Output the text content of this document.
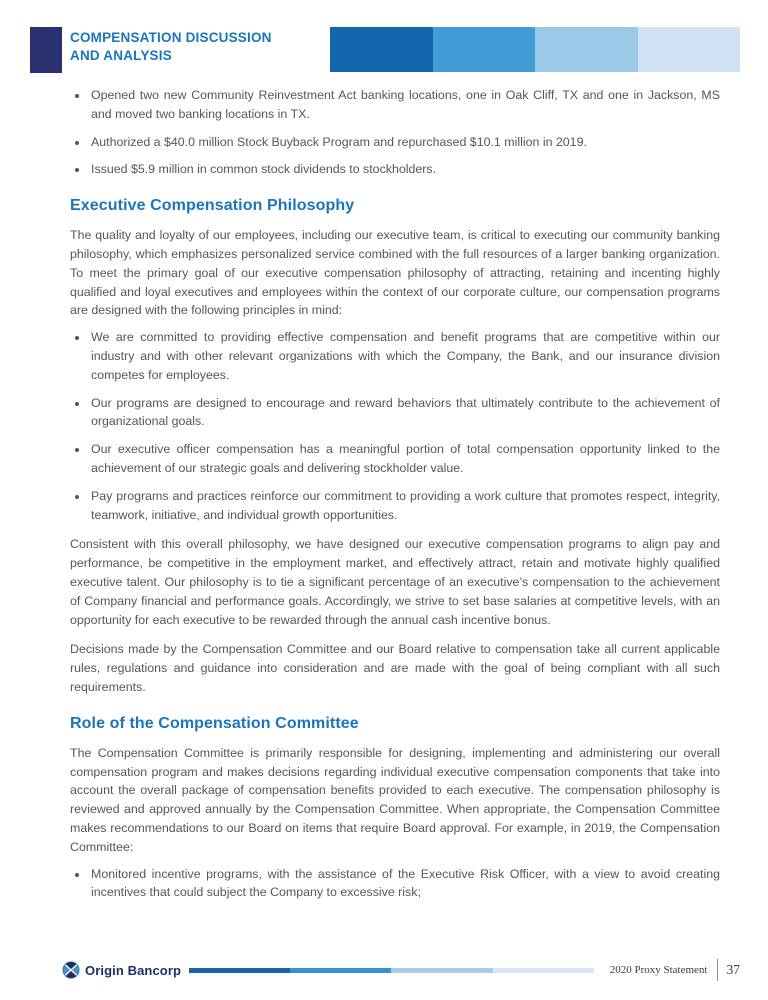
COMPENSATION DISCUSSION
AND ANALYSIS
Opened two new Community Reinvestment Act banking locations, one in Oak Cliff, TX and one in Jackson, MS and moved two banking locations in TX.
Authorized a $40.0 million Stock Buyback Program and repurchased $10.1 million in 2019.
Issued $5.9 million in common stock dividends to stockholders.
Executive Compensation Philosophy

The quality and loyalty of our employees, including our executive team, is critical to executing our community banking philosophy, which emphasizes personalized service combined with the full resources of a larger banking organization. To meet the primary goal of our executive compensation philosophy of attracting, retaining and incenting highly qualified and loyal executives and employees within the context of our corporate culture, our compensation programs are designed with the following principles in mind:

We are committed to providing effective compensation and benefit programs that are competitive within our industry and with other relevant organizations with which the Company, the Bank, and our insurance division competes for employees.
Our programs are designed to encourage and reward behaviors that ultimately contribute to the achievement of organizational goals.
Our executive officer compensation has a meaningful portion of total compensation opportunity linked to the achievement of our strategic goals and delivering stockholder value.
Pay programs and practices reinforce our commitment to providing a work culture that promotes respect, integrity, teamwork, initiative, and individual growth opportunities.

Consistent with this overall philosophy, we have designed our executive compensation programs to align pay and performance, be competitive in the employment market, and effectively attract, retain and motivate highly qualified executive talent. Our philosophy is to tie a significant percentage of an executive’s compensation to the achievement of Company financial and performance goals. Accordingly, we strive to set base salaries at competitive levels, with an opportunity for each executive to be rewarded through the annual cash incentive bonus.

Decisions made by the Compensation Committee and our Board relative to compensation take all current applicable rules, regulations and guidance into consideration and are made with the goal of being compliant with all such requirements.

Role of the Compensation Committee

The Compensation Committee is primarily responsible for designing, implementing and administering our overall compensation program and makes decisions regarding individual executive compensation components that take into account the overall package of compensation benefits provided to each executive. The compensation philosophy is reviewed and approved annually by the Compensation Committee. When appropriate, the Compensation Committee makes recommendations to our Board on items that require Board approval. For example, in 2019, the Compensation Committee:

Monitored incentive programs, with the assistance of the Executive Risk Officer, with a view to avoid creating incentives that could subject the Company to excessive risk;
Origin Bancorp	2020 Proxy Statement 37
